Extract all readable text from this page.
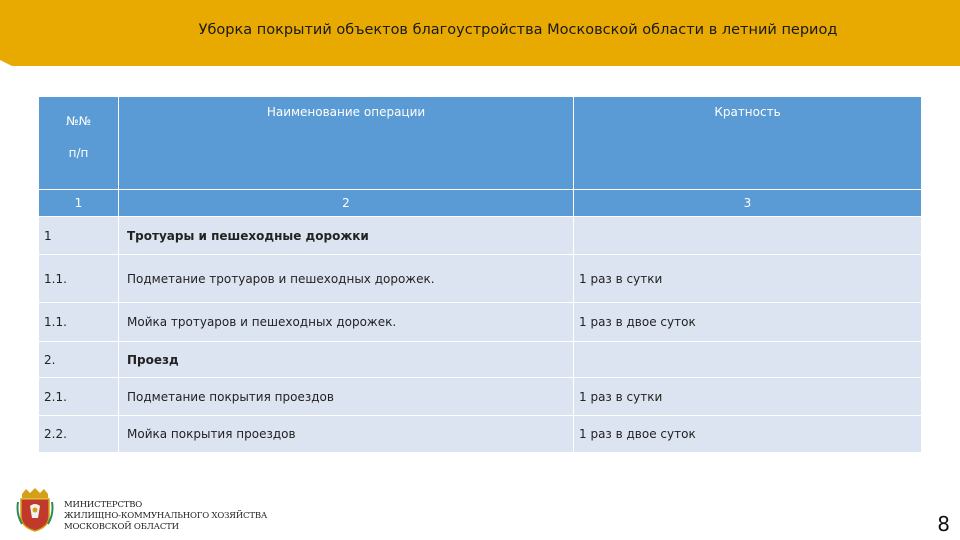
Уборка покрытий объектов благоустройства Московской области в летний период
№№
п/п	Наименование операции	Кратность
1	2	3
1	Тротуары и пешеходные дорожки	
1.1.	Подметание тротуаров и пешеходных дорожек.	1 раз в сутки
1.1.	Мойка тротуаров и пешеходных дорожек.	1 раз в двое суток
2.	Проезд	
2.1.	Подметание покрытия проездов	1 раз в сутки
2.2.	Мойка покрытия проездов	1 раз в двое суток
МИНИСТЕРСТВО
ЖИЛИЩНО-КОММУНАЛЬНОГО ХОЗЯЙСТВА
МОСКОВСКОЙ ОБЛАСТИ	8
